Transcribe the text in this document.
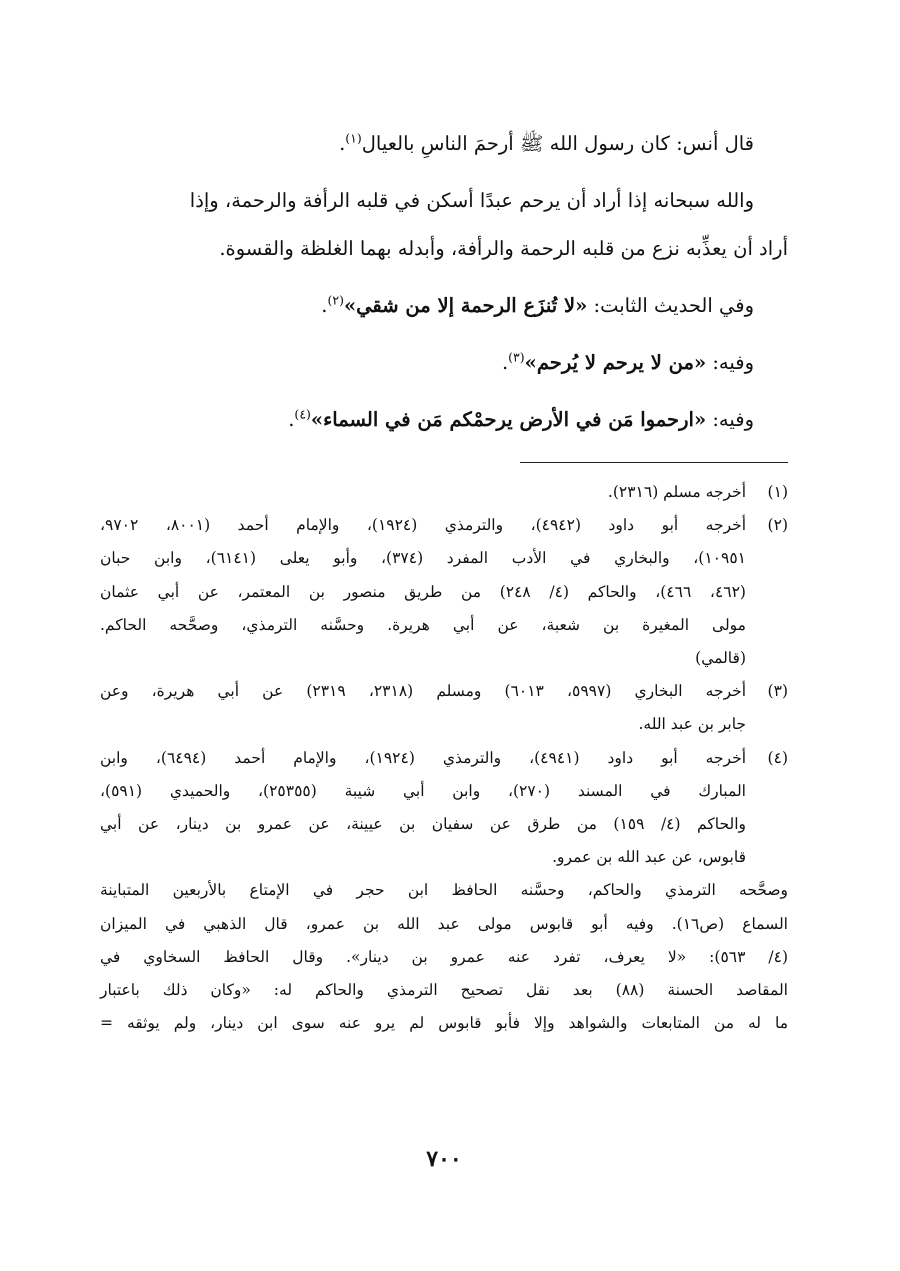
قال أنس: كان رسول الله ﷺ أرحمَ الناسِ بالعيال$^{(١)}$.

والله سبحانه إذا أراد أن يرحم عبدًا أسكن في قلبه الرأفة والرحمة، وإذا
أراد أن يعذِّبه نزع من قلبه الرحمة والرأفة، وأبدله بهما الغلظة والقسوة.

وفي الحديث الثابت: «لا تُنزَع الرحمة إلا من شقي»$^{(٢)}$.

وفيه: «من لا يرحم لا يُرحم»$^{(٣)}$.

وفيه: «ارحموا مَن في الأرض يرحمْكم مَن في السماء»$^{(٤)}$.

(١)
أخرجه مسلم (٢٣١٦).
(٢)
أخرجه أبو داود (٤٩٤٢)، والترمذي (١٩٢٤)، والإمام أحمد (٨٠٠١، ٩٧٠٢،
١٠٩٥١)، والبخاري في الأدب المفرد (٣٧٤)، وأبو يعلى (٦١٤١)، وابن حبان
(٤٦٢، ٤٦٦)، والحاكم (٤/ ٢٤٨) من طريق منصور بن المعتمر، عن أبي عثمان
مولى المغيرة بن شعبة، عن أبي هريرة. وحسَّنه الترمذي، وصحَّحه الحاكم.
(قالمي)
(٣)
أخرجه البخاري (٥٩٩٧، ٦٠١٣) ومسلم (٢٣١٨، ٢٣١٩) عن أبي هريرة، وعن
جابر بن عبد الله.
(٤)
أخرجه أبو داود (٤٩٤١)، والترمذي (١٩٢٤)، والإمام أحمد (٦٤٩٤)، وابن
المبارك في المسند (٢٧٠)، وابن أبي شيبة (٢٥٣٥٥)، والحميدي (٥٩١)،
والحاكم (٤/ ١٥٩) من طرق عن سفيان بن عيينة، عن عمرو بن دينار، عن أبي
قابوس، عن عبد الله بن عمرو.
وصحَّحه الترمذي والحاكم، وحسَّنه الحافظ ابن حجر في الإمتاع بالأربعين المتباينة
السماع (ص١٦). وفيه أبو قابوس مولى عبد الله بن عمرو، قال الذهبي في الميزان
(٤/ ٥٦٣): «لا يعرف، تفرد عنه عمرو بن دينار». وقال الحافظ السخاوي في
المقاصد الحسنة (٨٨) بعد نقل تصحيح الترمذي والحاكم له: «وكان ذلك باعتبار
ما له من المتابعات والشواهد وإلا فأبو قابوس لم يرو عنه سوى ابن دينار، ولم يوثقه =
٧٠٠
